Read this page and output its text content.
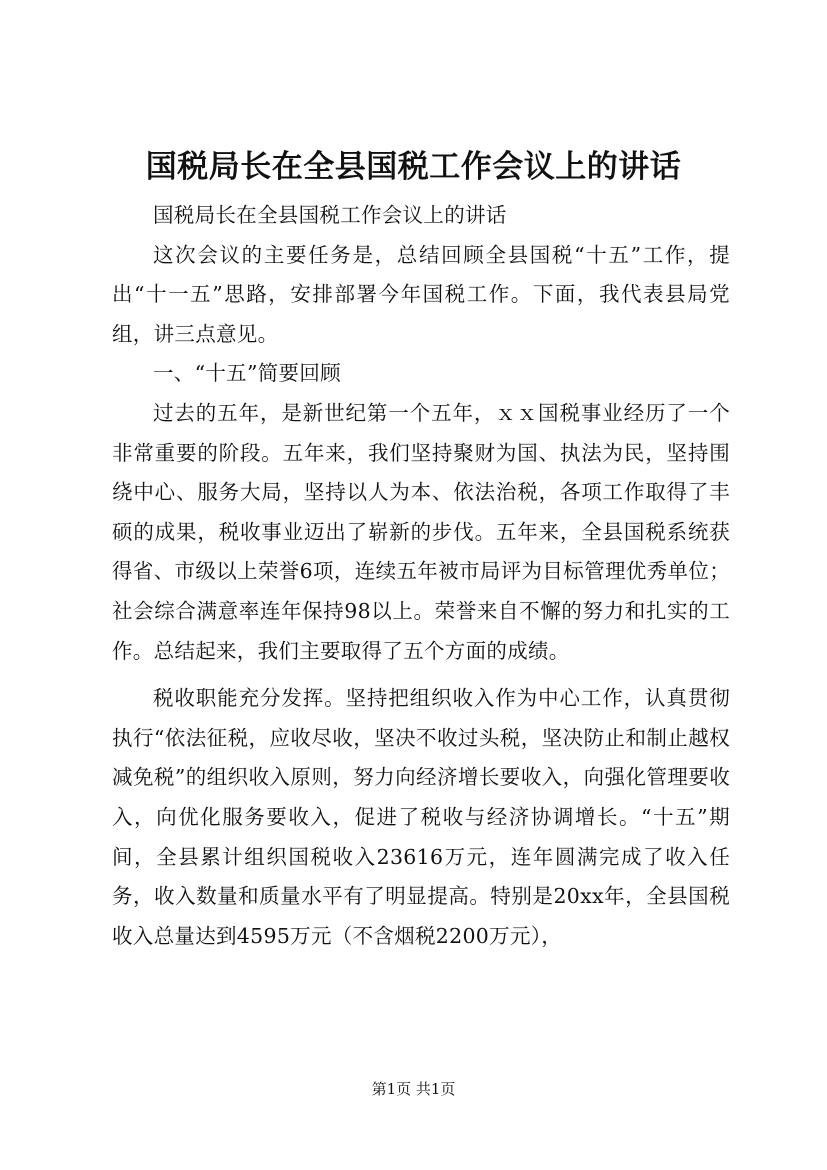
国税局长在全县国税工作会议上的讲话

国税局长在全县国税工作会议上的讲话

这次会议的主要任务是，总结回顾全县国税“十五”工作，提出“十一五”思路，安排部署今年国税工作。下面，我代表县局党组，讲三点意见。

一、“十五”简要回顾

过去的五年，是新世纪第一个五年，ｘｘ国税事业经历了一个非常重要的阶段。五年来，我们坚持聚财为国、执法为民，坚持围绕中心、服务大局，坚持以人为本、依法治税，各项工作取得了丰硕的成果，税收事业迈出了崭新的步伐。五年来，全县国税系统获得省、市级以上荣誉6项，连续五年被市局评为目标管理优秀单位；社会综合满意率连年保持98以上。荣誉来自不懈的努力和扎实的工作。总结起来，我们主要取得了五个方面的成绩。

税收职能充分发挥。坚持把组织收入作为中心工作，认真贯彻执行“依法征税，应收尽收，坚决不收过头税，坚决防止和制止越权减免税”的组织收入原则，努力向经济增长要收入，向强化管理要收入，向优化服务要收入，促进了税收与经济协调增长。“十五”期间，全县累计组织国税收入23616万元，连年圆满完成了收入任务，收入数量和质量水平有了明显提高。特别是20xx年，全县国税收入总量达到4595万元（不含烟税2200万元），

第1页 共1页
